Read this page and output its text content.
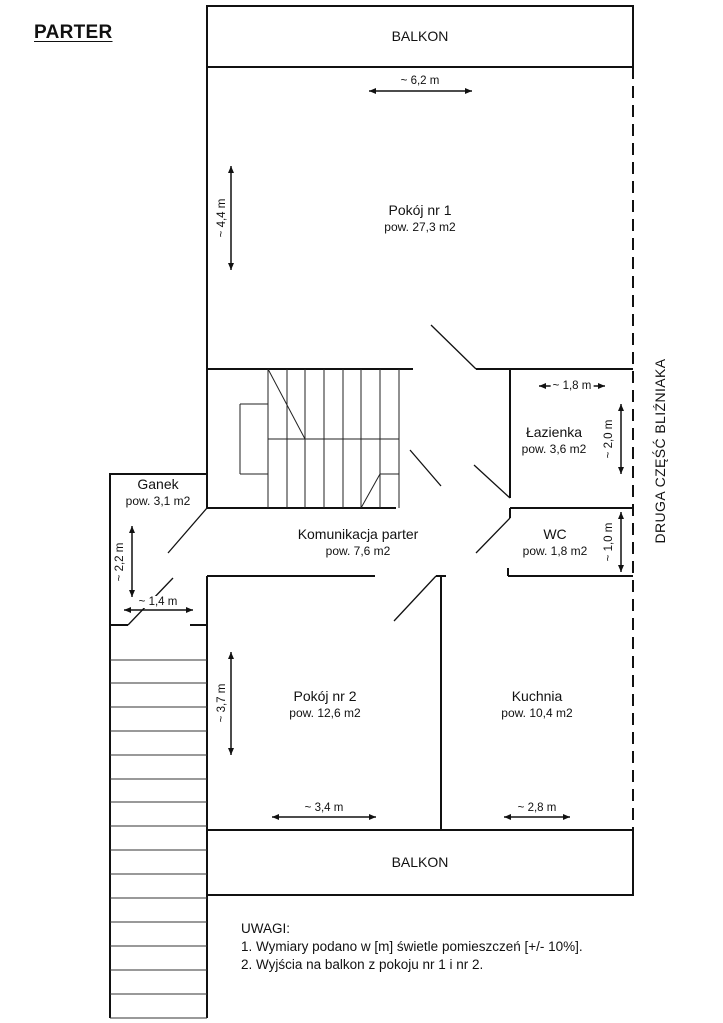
PARTER	BALKON
BALKON
Pokój nr 1
pow. 27,3 m2
Łazienka
pow. 3,6 m2
Ganek
pow. 3,1 m2
Komunikacja parter
pow. 7,6 m2
WC
pow. 1,8 m2
Pokój nr 2
pow. 12,6 m2
Kuchnia
pow. 10,4 m2
~ 6,2 m
~ 4,4 m
~ 1,8 m
~ 2,0 m
~ 1,0 m
~ 2,2 m
~ 1,4 m
~ 3,7 m
~ 3,4 m	~ 2,8 m
DRUGA CZĘŚĆ BLIŹNIAKA
UWAGI:
1. Wymiary podano w [m] świetle pomieszczeń [+/- 10%].
2. Wyjścia na balkon z pokoju nr 1 i nr 2.
